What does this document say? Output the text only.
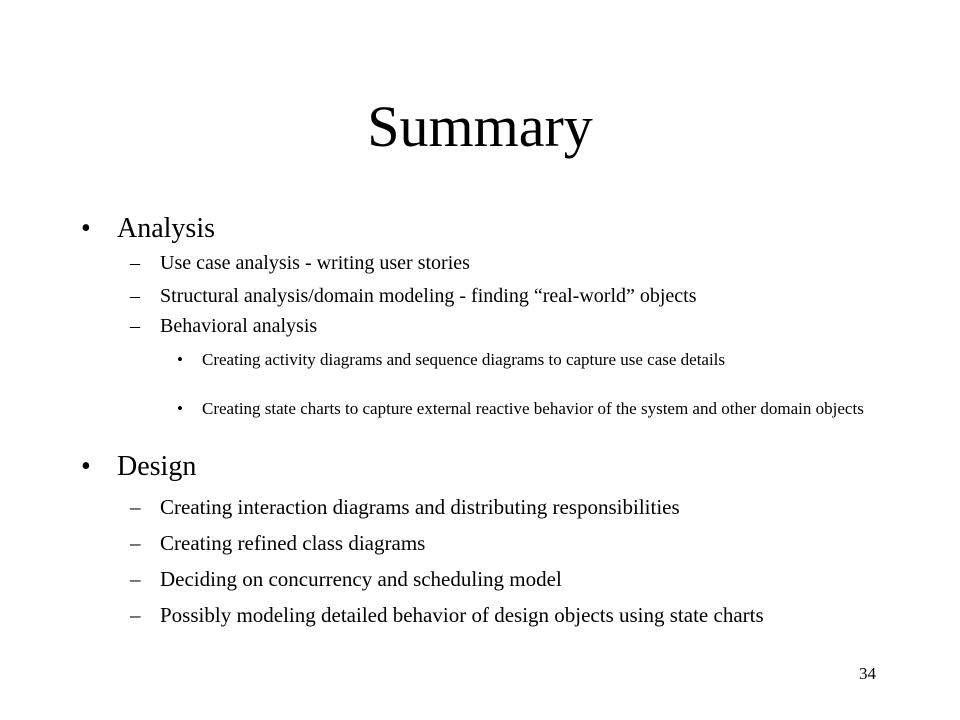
Summary
• Analysis
– Use case analysis - writing user stories
– Structural analysis/domain modeling - finding “real-world” objects
– Behavioral analysis
• Creating activity diagrams and sequence diagrams to capture use case details
• Creating state charts to capture external reactive behavior of the system and other domain objects
• Design
– Creating interaction diagrams and distributing responsibilities
– Creating refined class diagrams
– Deciding on concurrency and scheduling model
– Possibly modeling detailed behavior of design objects using state charts
34
